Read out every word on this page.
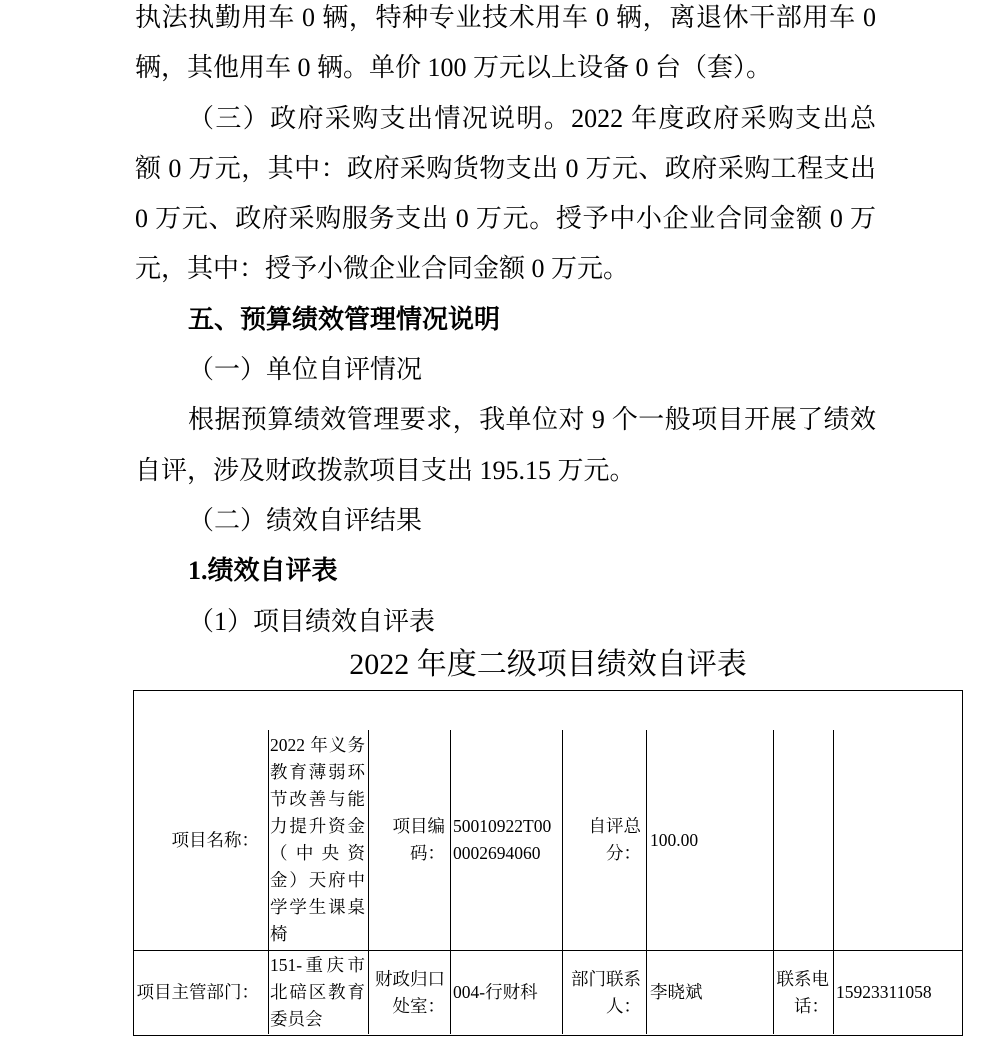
执法执勤用车 0 辆，特种专业技术用车 0 辆，离退休干部用车 0
辆，其他用车 0 辆。单价 100 万元以上设备 0 台（套）。
（三）政府采购支出情况说明。2022 年度政府采购支出总
额 0 万元，其中：政府采购货物支出 0 万元、政府采购工程支出
0 万元、政府采购服务支出 0 万元。授予中小企业合同金额 0 万
元，其中：授予小微企业合同金额 0 万元。
五、预算绩效管理情况说明
（一）单位自评情况
根据预算绩效管理要求，我单位对 9 个一般项目开展了绩效
自评，涉及财政拨款项目支出 195.15 万元。
（二）绩效自评结果
1.绩效自评表
（1）项目绩效自评表
2022 年度二级项目绩效自评表
项目名称：
2022 年义务教育薄弱环节改善与能力提升资金（中央资金）天府中学学生课桌椅
项目编码：
50010922T000002694060
自评总分：
100.00
项目主管部门：
151-重庆市北碚区教育委员会
财政归口处室：
004-行财科
部门联系人：
李晓斌
联系电话：
15923311058
